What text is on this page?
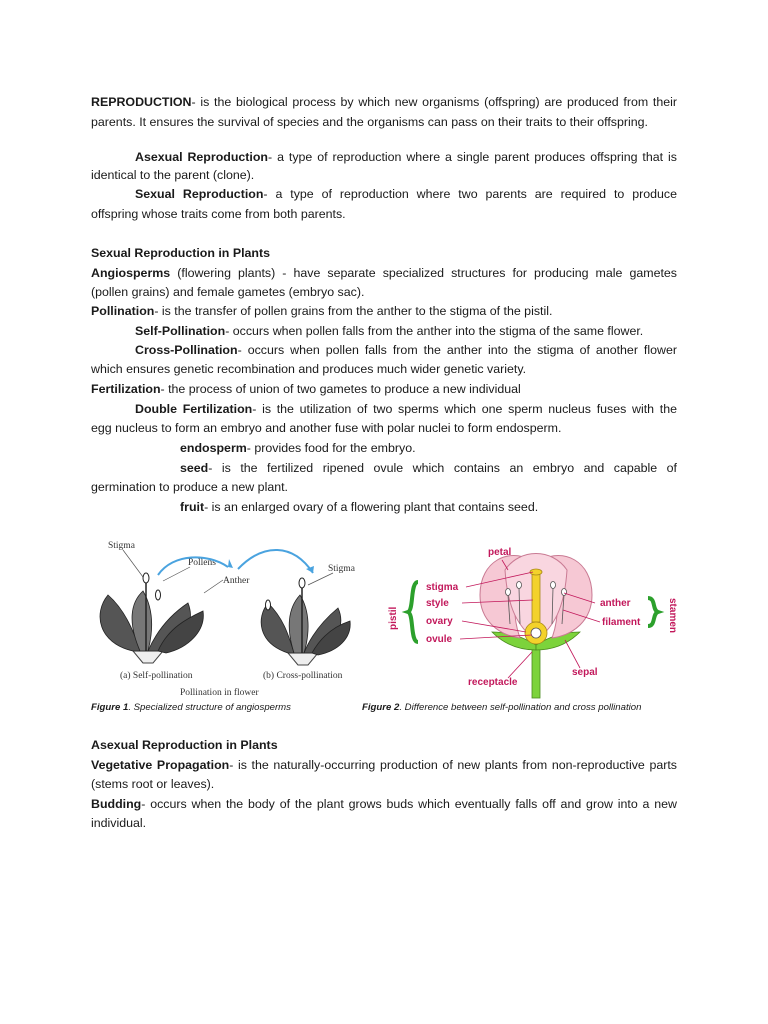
REPRODUCTION- is the biological process by which new organisms (offspring) are produced from their
parents. It ensures the survival of species and the organisms can pass on their traits to their offspring.
Asexual Reproduction- a type of reproduction where a single parent produces offspring that is
identical to the parent (clone).
Sexual Reproduction- a type of reproduction where two parents are required to produce
offspring whose traits come from both parents.
Sexual Reproduction in Plants
Angiosperms (flowering plants) - have separate specialized structures for producing male gametes
(pollen grains) and female gametes (embryo sac).
Pollination- is the transfer of pollen grains from the anther to the stigma of the pistil.
Self-Pollination- occurs when pollen falls from the anther into the stigma of the same flower.
Cross-Pollination- occurs when pollen falls from the anther into the stigma of another flower
which ensures genetic recombination and produces much wider genetic variety.
Fertilization- the process of union of two gametes to produce a new individual
Double Fertilization- is the utilization of two sperms which one sperm nucleus fuses with the
egg nucleus to form an embryo and another fuse with polar nuclei to form endosperm.
endosperm- provides food for the embryo.
seed- is the fertilized ripened ovule which contains an embryo and capable of
germination to produce a new plant.
fruit- is an enlarged ovary of a flowering plant that contains seed.
Stigma
Pollens
Anther
Stigma
(a) Self-pollination	(b) Cross-pollination
Pollination in flower
petal
stigma
style
ovary
ovule
anther
filament
sepal
receptacle
pistil	stamen
Figure 1. Specialized structure of angiosperms	Figure 2. Difference between self-pollination and cross pollination
Asexual Reproduction in Plants
Vegetative Propagation- is the naturally-occurring production of new plants from non-reproductive parts
(stems root or leaves).
Budding- occurs when the body of the plant grows buds which eventually falls off and grow into a new
individual.
